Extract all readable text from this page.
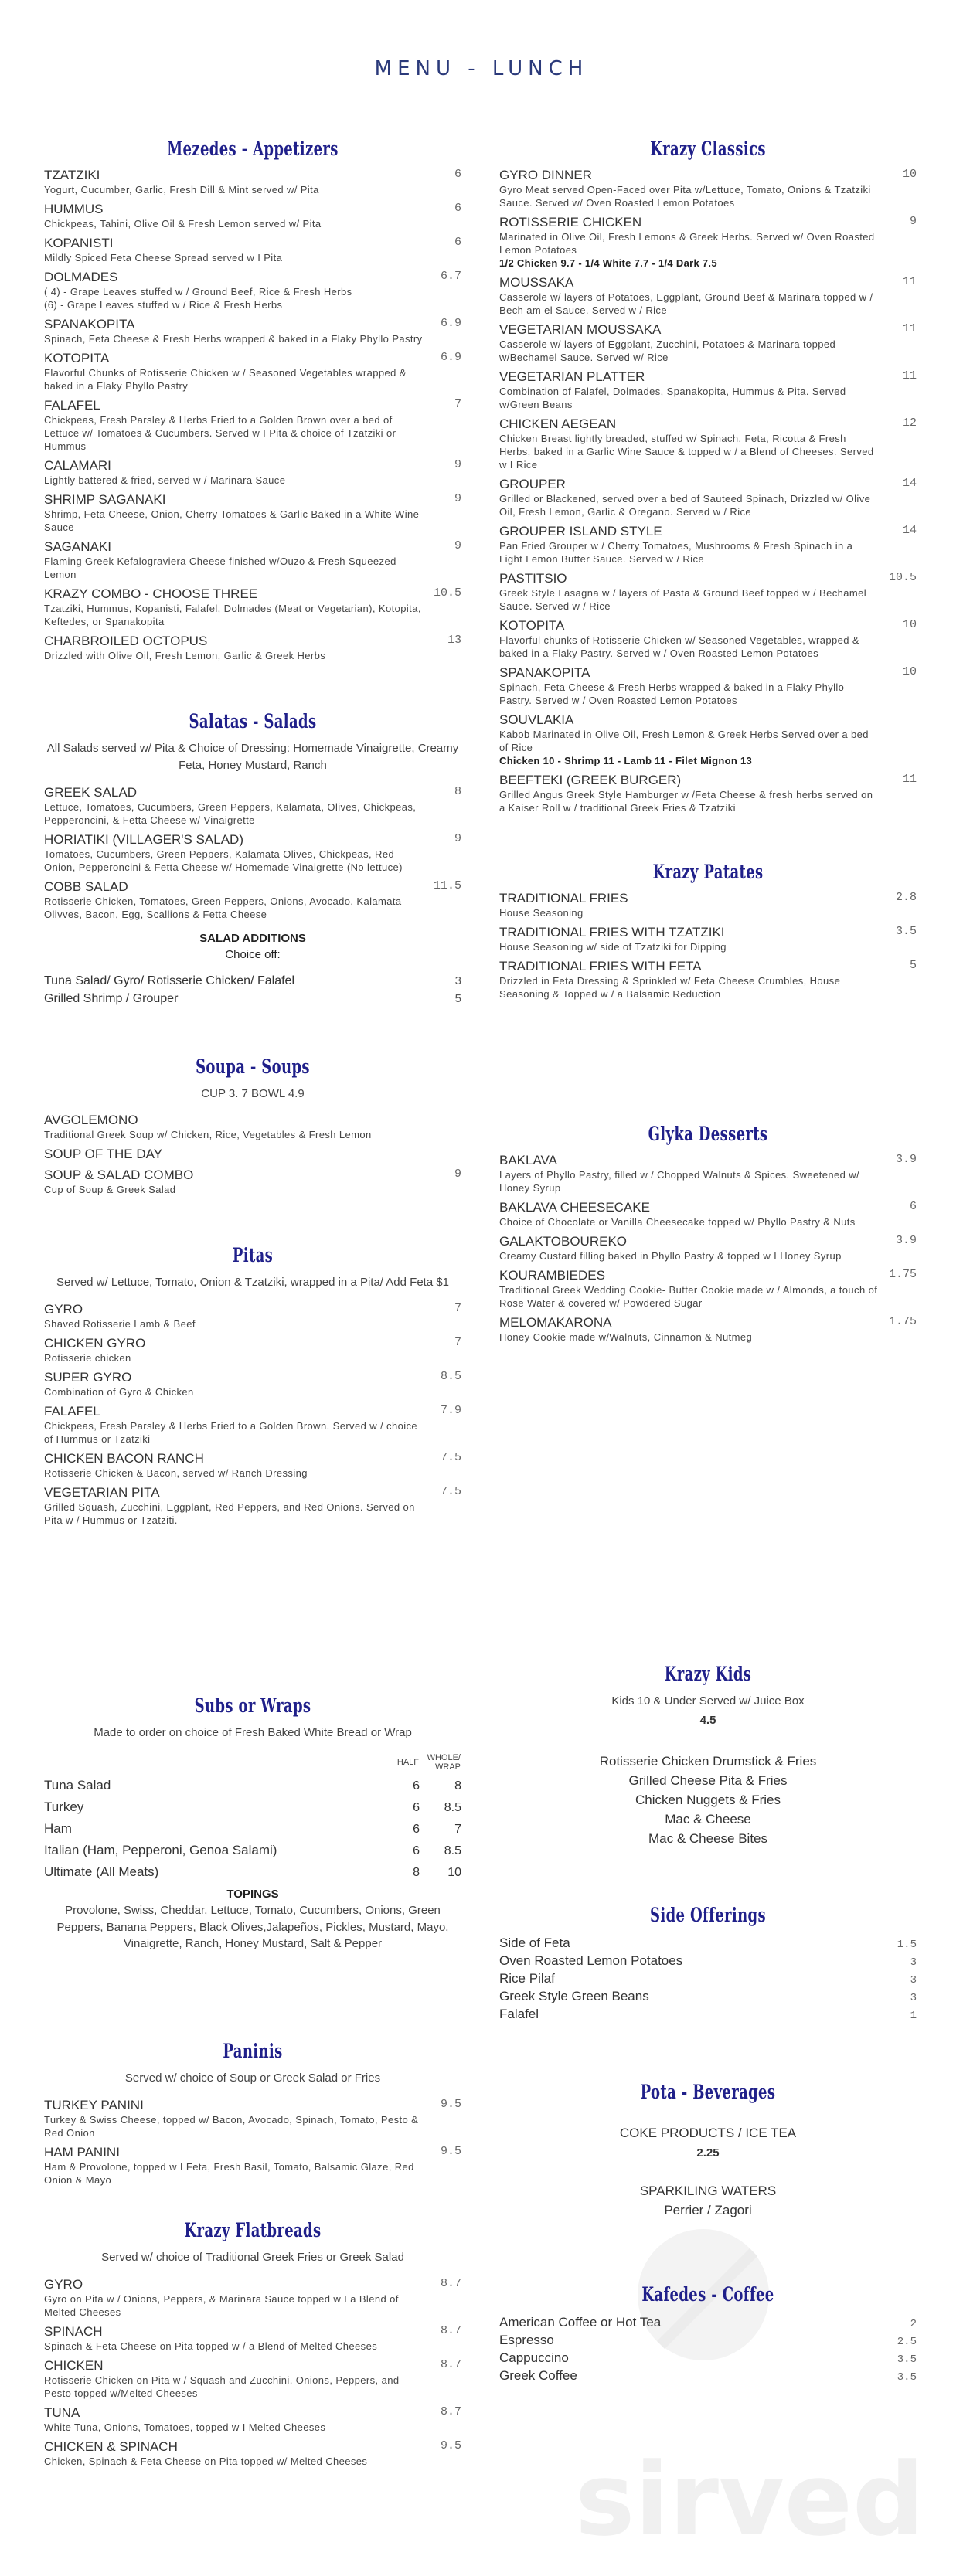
MENU - LUNCH
Mezedes - Appetizers
TZATZIKI
Yogurt, Cucumber, Garlic, Fresh Dill & Mint served w/ Pita
6
HUMMUS
Chickpeas, Tahini, Olive Oil & Fresh Lemon served w/ Pita
6
KOPANISTI
Mildly Spiced Feta Cheese Spread served w I Pita
6
DOLMADES
( 4) - Grape Leaves stuffed w / Ground Beef, Rice & Fresh Herbs
(6) - Grape Leaves stuffed w / Rice & Fresh Herbs
6.7
SPANAKOPITA
Spinach, Feta Cheese & Fresh Herbs wrapped & baked in a Flaky Phyllo Pastry
6.9
KOTOPITA
Flavorful Chunks of Rotisserie Chicken w / Seasoned Vegetables wrapped & baked in a Flaky Phyllo Pastry
6.9
FALAFEL
Chickpeas, Fresh Parsley & Herbs Fried to a Golden Brown over a bed of Lettuce w/ Tomatoes & Cucumbers. Served w I Pita & choice of Tzatziki or Hummus
7
CALAMARI
Lightly battered & fried, served w / Marinara Sauce
9
SHRIMP SAGANAKI
Shrimp, Feta Cheese, Onion, Cherry Tomatoes & Garlic Baked in a White Wine Sauce
9
SAGANAKI
Flaming Greek Kefalograviera Cheese finished w/Ouzo & Fresh Squeezed Lemon
9
KRAZY COMBO - CHOOSE THREE
Tzatziki, Hummus, Kopanisti, Falafel, Dolmades (Meat or Vegetarian), Kotopita, Keftedes, or Spanakopita
10.5
CHARBROILED OCTOPUS
Drizzled with Olive Oil, Fresh Lemon, Garlic & Greek Herbs
13
Salatas - Salads
All Salads served w/ Pita & Choice of Dressing: Homemade Vinaigrette, Creamy Feta, Honey Mustard, Ranch
GREEK SALAD
Lettuce, Tomatoes, Cucumbers, Green Peppers, Kalamata, Olives, Chickpeas, Pepperoncini, & Fetta Cheese w/ Vinaigrette
8
HORIATIKI (VILLAGER'S SALAD)
Tomatoes, Cucumbers, Green Peppers, Kalamata Olives, Chickpeas, Red Onion, Pepperoncini & Fetta Cheese w/ Homemade Vinaigrette (No lettuce)
9
COBB SALAD
Rotisserie Chicken, Tomatoes, Green Peppers, Onions, Avocado, Kalamata Olivves, Bacon, Egg, Scallions & Fetta Cheese
11.5
SALAD ADDITIONS
Choice off:
Tuna Salad/ Gyro/ Rotisserie Chicken/ Falafel	3
Grilled Shrimp / Grouper	5
Soupa - Soups
CUP 3. 7 BOWL 4.9
AVGOLEMONO
Traditional Greek Soup w/ Chicken, Rice, Vegetables & Fresh Lemon
SOUP OF THE DAY
SOUP & SALAD COMBO
Cup of Soup & Greek Salad
9
Pitas
Served w/ Lettuce, Tomato, Onion & Tzatziki, wrapped in a Pita/ Add Feta $1
GYRO
Shaved Rotisserie Lamb & Beef
7
CHICKEN GYRO
Rotisserie chicken
7
SUPER GYRO
Combination of Gyro & Chicken
8.5
FALAFEL
Chickpeas, Fresh Parsley & Herbs Fried to a Golden Brown. Served w / choice of Hummus or Tzatziki
7.9
CHICKEN BACON RANCH
Rotisserie Chicken & Bacon, served w/ Ranch Dressing
7.5
VEGETARIAN PITA
Grilled Squash, Zucchini, Eggplant, Red Peppers, and Red Onions. Served on Pita w / Hummus or Tzatziti.
7.5
Subs or Wraps
Made to order on choice of Fresh Baked White Bread or Wrap
	HALF	WHOLE/ WRAP
Tuna Salad	6	8
Turkey	6	8.5
Ham	6	7
Italian (Ham, Pepperoni, Genoa Salami)	6	8.5
Ultimate (All Meats)	8	10
TOPINGS
Provolone, Swiss, Cheddar, Lettuce, Tomato, Cucumbers, Onions, Green Peppers, Banana Peppers, Black Olives,Jalapeños, Pickles, Mustard, Mayo, Vinaigrette, Ranch, Honey Mustard, Salt & Pepper
Paninis
Served w/ choice of Soup or Greek Salad or Fries
TURKEY PANINI
Turkey & Swiss Cheese, topped w/ Bacon, Avocado, Spinach, Tomato, Pesto & Red Onion
9.5
HAM PANINI
Ham & Provolone, topped w I Feta, Fresh Basil, Tomato, Balsamic Glaze, Red Onion & Mayo
9.5
Krazy Flatbreads
Served w/ choice of Traditional Greek Fries or Greek Salad
GYRO
Gyro on Pita w / Onions, Peppers, & Marinara Sauce topped w I a Blend of Melted Cheeses
8.7
SPINACH
Spinach & Feta Cheese on Pita topped w / a Blend of Melted Cheeses
8.7
CHICKEN
Rotisserie Chicken on Pita w / Squash and Zucchini, Onions, Peppers, and Pesto topped w/Melted Cheeses
8.7
TUNA
White Tuna, Onions, Tomatoes, topped w I Melted Cheeses
8.7
CHICKEN & SPINACH
Chicken, Spinach & Feta Cheese on Pita topped w/ Melted Cheeses
9.5
Krazy Classics
GYRO DINNER
Gyro Meat served Open-Faced over Pita w/Lettuce, Tomato, Onions & Tzatziki Sauce. Served w/ Oven Roasted Lemon Potatoes
10
ROTISSERIE CHICKEN
Marinated in Olive Oil, Fresh Lemons & Greek Herbs. Served w/ Oven Roasted Lemon Potatoes
1/2 Chicken 9.7 - 1/4 White 7.7 - 1/4 Dark 7.5
9
MOUSSAKA
Casserole w/ layers of Potatoes, Eggplant, Ground Beef & Marinara topped w / Bech am el Sauce. Served w / Rice
11
VEGETARIAN MOUSSAKA
Casserole w/ layers of Eggplant, Zucchini, Potatoes & Marinara topped w/Bechamel Sauce. Served w/ Rice
11
VEGETARIAN PLATTER
Combination of Falafel, Dolmades, Spanakopita, Hummus & Pita. Served w/Green Beans
11
CHICKEN AEGEAN
Chicken Breast lightly breaded, stuffed w/ Spinach, Feta, Ricotta & Fresh Herbs, baked in a Garlic Wine Sauce & topped w / a Blend of Cheeses. Served w I Rice
12
GROUPER
Grilled or Blackened, served over a bed of Sauteed Spinach, Drizzled w/ Olive Oil, Fresh Lemon, Garlic & Oregano. Served w / Rice
14
GROUPER ISLAND STYLE
Pan Fried Grouper w / Cherry Tomatoes, Mushrooms & Fresh Spinach in a Light Lemon Butter Sauce. Served w / Rice
14
PASTITSIO
Greek Style Lasagna w / layers of Pasta & Ground Beef topped w / Bechamel Sauce. Served w / Rice
10.5
KOTOPITA
Flavorful chunks of Rotisserie Chicken w/ Seasoned Vegetables, wrapped & baked in a Flaky Pastry. Served w / Oven Roasted Lemon Potatoes
10
SPANAKOPITA
Spinach, Feta Cheese & Fresh Herbs wrapped & baked in a Flaky Phyllo Pastry. Served w / Oven Roasted Lemon Potatoes
10
SOUVLAKIA
Kabob Marinated in Olive Oil, Fresh Lemon & Greek Herbs Served over a bed of Rice
Chicken 10 - Shrimp 11 - Lamb 11 - Filet Mignon 13
BEEFTEKI (GREEK BURGER)
Grilled Angus Greek Style Hamburger w /Feta Cheese & fresh herbs served on a Kaiser Roll w / traditional Greek Fries & Tzatziki
11
Krazy Patates
TRADITIONAL FRIES
House Seasoning
2.8
TRADITIONAL FRIES WITH TZATZIKI
House Seasoning w/ side of Tzatziki for Dipping
3.5
TRADITIONAL FRIES WITH FETA
Drizzled in Feta Dressing & Sprinkled w/ Feta Cheese Crumbles, House Seasoning & Topped w / a Balsamic Reduction
5
Glyka Desserts
BAKLAVA
Layers of Phyllo Pastry, filled w / Chopped Walnuts & Spices. Sweetened w/ Honey Syrup
3.9
BAKLAVA CHEESECAKE
Choice of Chocolate or Vanilla Cheesecake topped w/ Phyllo Pastry & Nuts
6
GALAKTOBOUREKO
Creamy Custard filling baked in Phyllo Pastry & topped w I Honey Syrup
3.9
KOURAMBIEDES
Traditional Greek Wedding Cookie- Butter Cookie made w / Almonds, a touch of Rose Water & covered w/ Powdered Sugar
1.75
MELOMAKARONA
Honey Cookie made w/Walnuts, Cinnamon & Nutmeg
1.75
Krazy Kids
Kids 10 & Under Served w/ Juice Box
4.5
Rotisserie Chicken Drumstick & Fries
Grilled Cheese Pita & Fries
Chicken Nuggets & Fries
Mac & Cheese
Mac & Cheese Bites
Side Offerings
Side of Feta	1.5
Oven Roasted Lemon Potatoes	3
Rice Pilaf	3
Greek Style Green Beans	3
Falafel	1
Pota - Beverages
COKE PRODUCTS / ICE TEA
2.25
SPARKILING WATERS
Perrier / Zagori
sirved
Kafedes - Coffee
American Coffee or Hot Tea	2
Espresso	2.5
Cappuccino	3.5
Greek Coffee	3.5
